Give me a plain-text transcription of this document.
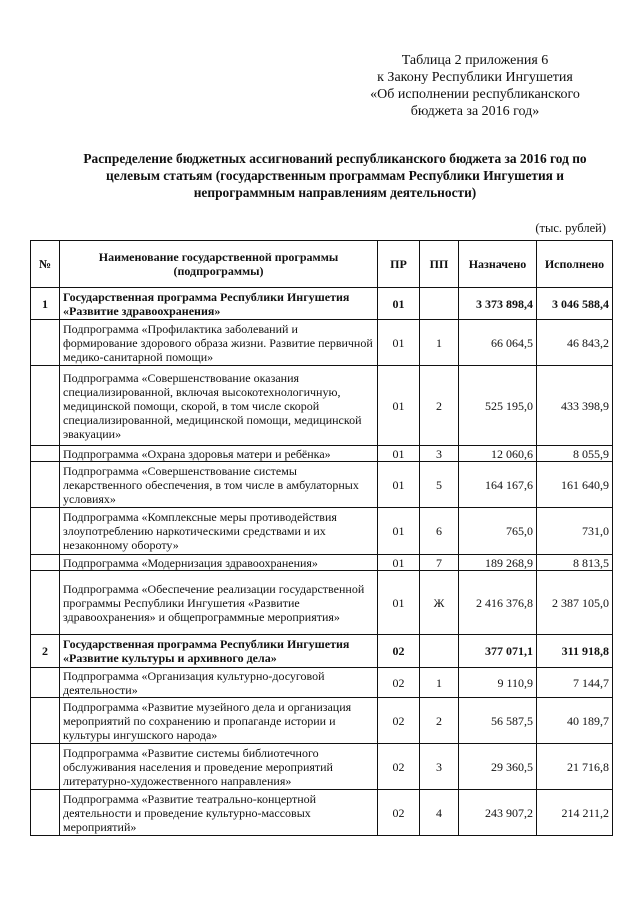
Таблица 2 приложения 6
к Закону Республики Ингушетия
«Об исполнении республиканского
бюджета за 2016 год»
Распределение бюджетных ассигнований республиканского бюджета за 2016 год по целевым статьям (государственным программам Республики Ингушетия и непрограммным направлениям деятельности)
(тыс. рублей)
№	Наименование государственной программы (подпрограммы)	ПР	ПП	Назначено	Исполнено
1	Государственная программа Республики Ингушетия «Развитие здравоохранения»	01		3 373 898,4	3 046 588,4
	Подпрограмма «Профилактика заболеваний и формирование здорового образа жизни. Развитие первичной медико-санитарной помощи»	01	1	66 064,5	46 843,2
	Подпрограмма «Совершенствование оказания специализированной, включая высокотехнологичную, медицинской помощи, скорой, в том числе скорой специализированной, медицинской помощи, медицинской эвакуации»	01	2	525 195,0	433 398,9
	Подпрограмма «Охрана здоровья матери и ребёнка»	01	3	12 060,6	8 055,9
	Подпрограмма «Совершенствование системы лекарственного обеспечения, в том числе в амбулаторных условиях»	01	5	164 167,6	161 640,9
	Подпрограмма «Комплексные меры противодействия злоупотреблению наркотическими средствами и их незаконному обороту»	01	6	765,0	731,0
	Подпрограмма «Модернизация здравоохранения»	01	7	189 268,9	8 813,5
	Подпрограмма «Обеспечение реализации государственной программы Республики Ингушетия «Развитие здравоохранения» и общепрограммные мероприятия»	01	Ж	2 416 376,8	2 387 105,0
2	Государственная программа Республики Ингушетия «Развитие культуры и архивного дела»	02		377 071,1	311 918,8
	Подпрограмма «Организация культурно-досуговой деятельности»	02	1	9 110,9	7 144,7
	Подпрограмма «Развитие музейного дела и организация мероприятий по сохранению и пропаганде истории и культуры ингушского народа»	02	2	56 587,5	40 189,7
	Подпрограмма «Развитие системы библиотечного обслуживания населения и проведение мероприятий литературно-художественного направления»	02	3	29 360,5	21 716,8
	Подпрограмма «Развитие театрально-концертной деятельности и проведение культурно-массовых мероприятий»	02	4	243 907,2	214 211,2
